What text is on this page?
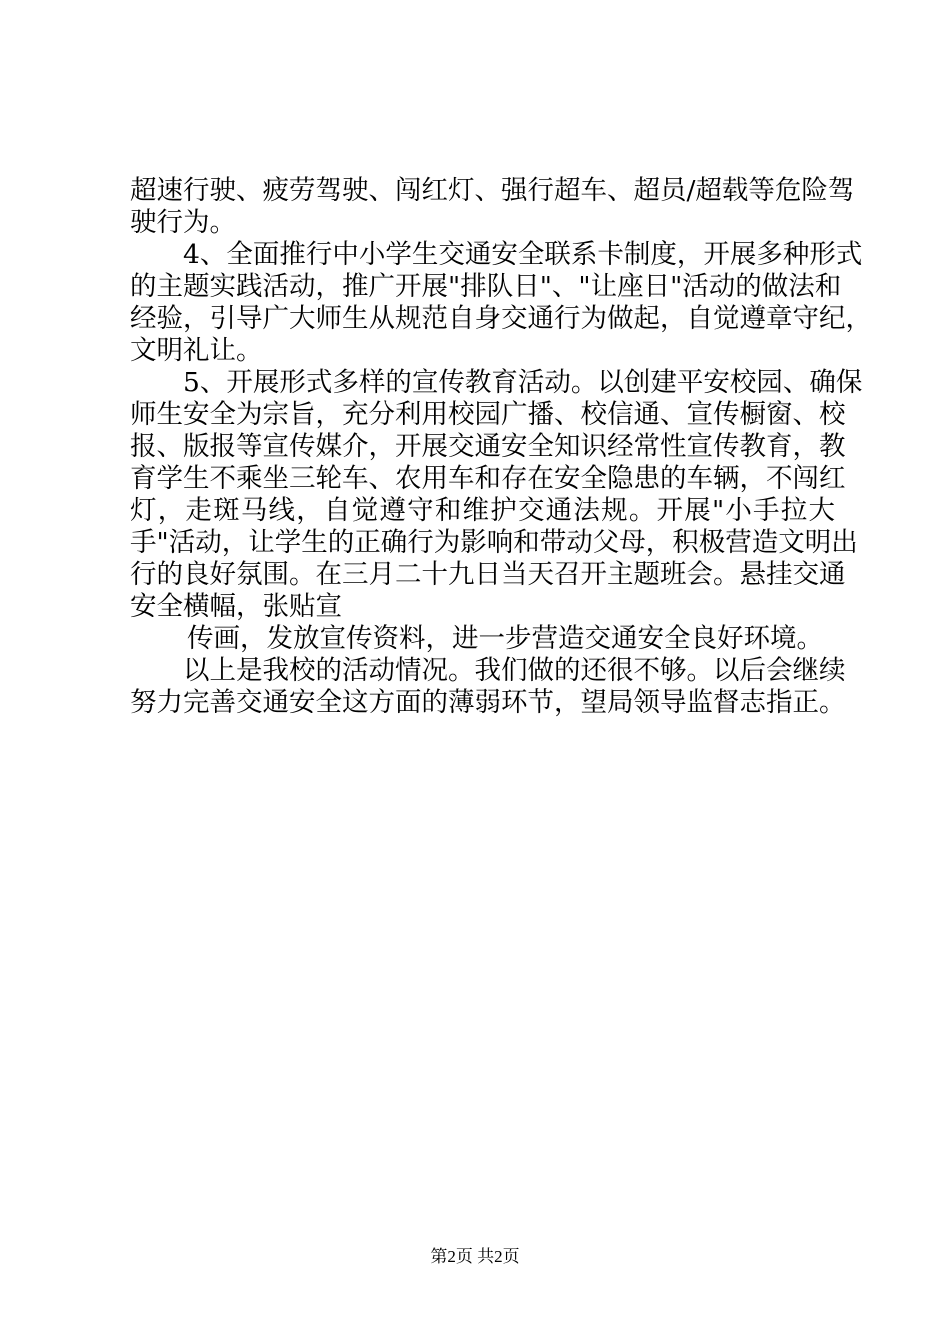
超速行驶、疲劳驾驶、闯红灯、强行超车、超员/超载等危险驾
驶行为。
4、全面推行中小学生交通安全联系卡制度，开展多种形式
的主题实践活动，推广开展"排队日"、"让座日"活动的做法和
经验，引导广大师生从规范自身交通行为做起，自觉遵章守纪，
文明礼让。
5、开展形式多样的宣传教育活动。以创建平安校园、确保
师生安全为宗旨，充分利用校园广播、校信通、宣传橱窗、校
报、版报等宣传媒介，开展交通安全知识经常性宣传教育，教
育学生不乘坐三轮车、农用车和存在安全隐患的车辆，不闯红
灯，走斑马线，自觉遵守和维护交通法规。开展"小手拉大
手"活动，让学生的正确行为影响和带动父母，积极营造文明出
行的良好氛围。在三月二十九日当天召开主题班会。悬挂交通
安全横幅，张贴宣
传画，发放宣传资料，进一步营造交通安全良好环境。
以上是我校的活动情况。我们做的还很不够。以后会继续
努力完善交通安全这方面的薄弱环节，望局领导监督志指正。
第2页 共2页
